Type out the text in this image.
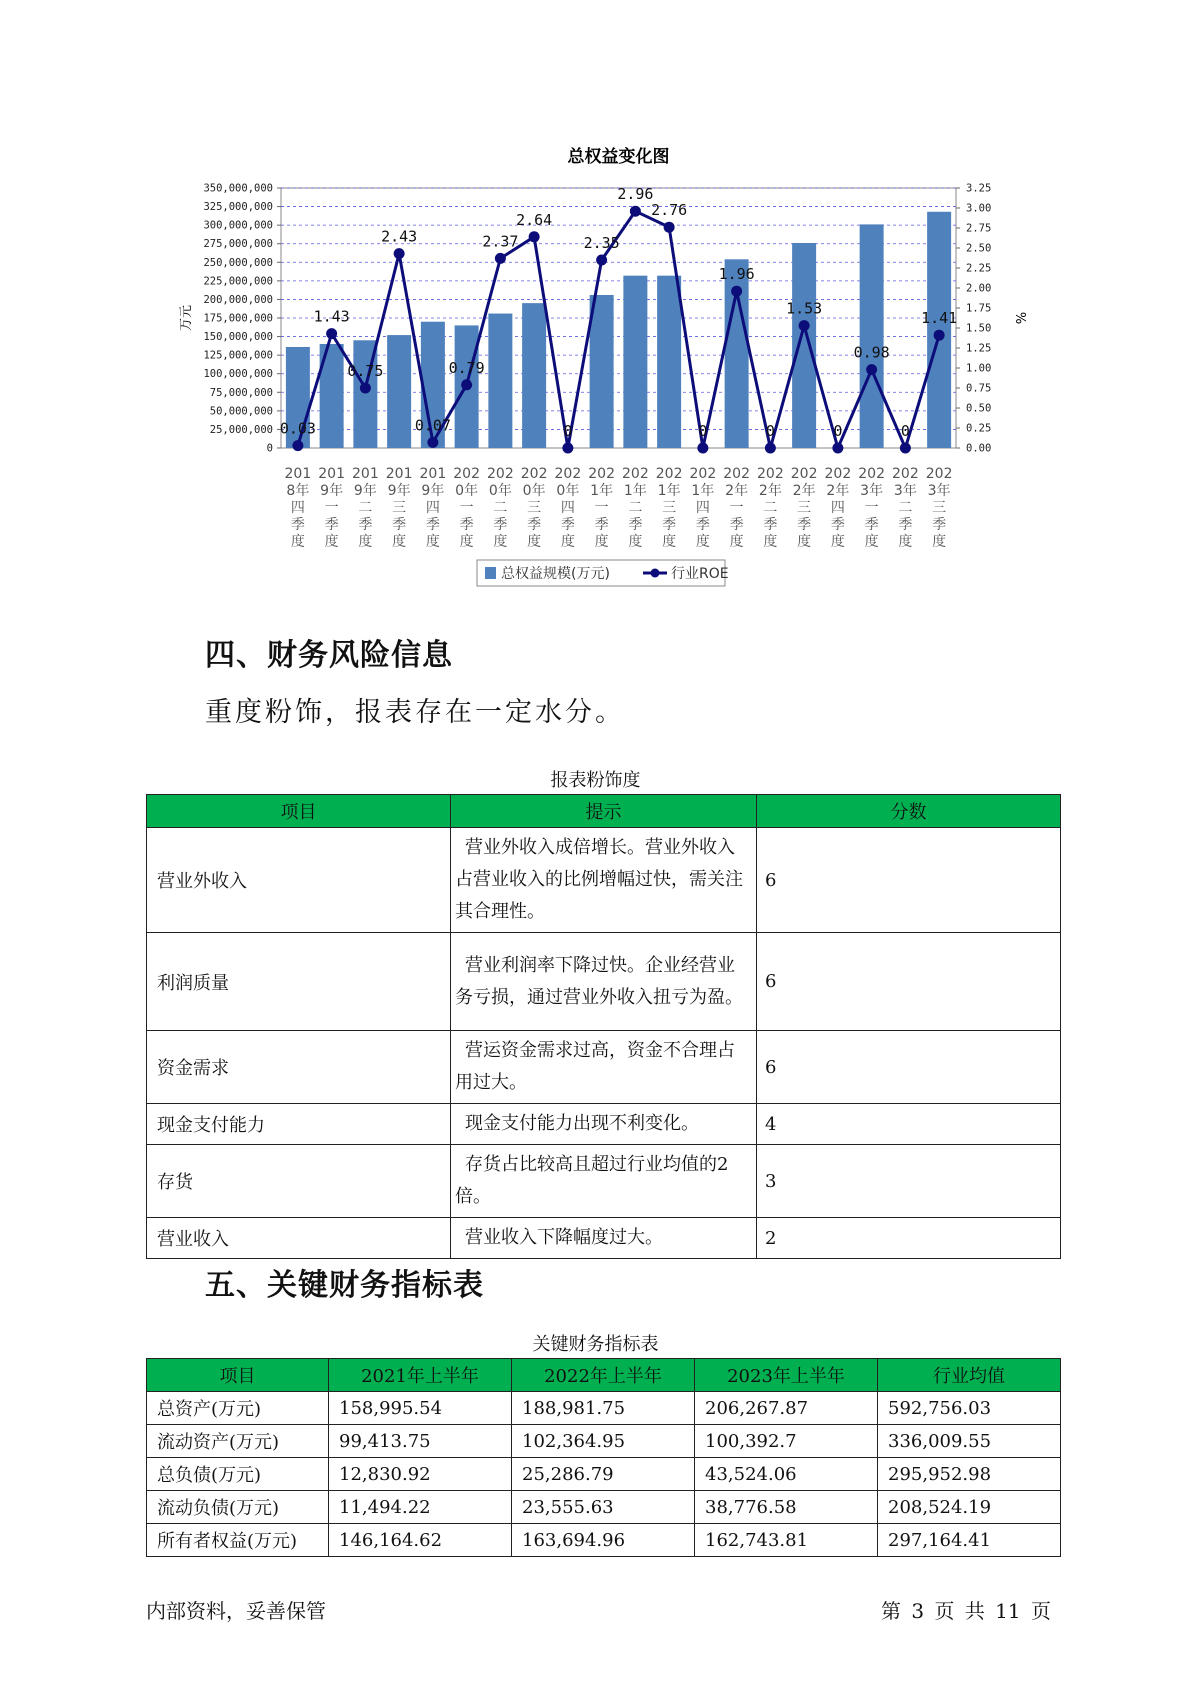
总权益变化图
0
25,000,000
50,000,000
75,000,000
100,000,000
125,000,000
150,000,000
175,000,000
200,000,000
225,000,000
250,000,000
275,000,000
300,000,000
325,000,000
350,000,000
0.00
0.25
0.50
0.75
1.00
1.25
1.50
1.75
2.00
2.25
2.50
2.75
3.00
3.25
万元	%
201
8年
四
季
度
201
9年
一
季
度
201
9年
二
季
度
201
9年
三
季
度
201
9年
四
季
度
202
0年
一
季
度
202
0年
二
季
度
202
0年
三
季
度
202
0年
四
季
度
202
1年
一
季
度
202
1年
二
季
度
202
1年
三
季
度
202
1年
四
季
度
202
2年
一
季
度
202
2年
二
季
度
202
2年
三
季
度
202
2年
四
季
度
202
3年
一
季
度
202
3年
二
季
度
202
3年
三
季
度
0.03
1.43
0.75
2.43
0.07
0.79
2.37
2.64
0
2.35
2.96
2.76
0
1.96
0
1.53
0
0.98
0
1.41
总权益规模(万元)	行业ROE
四、财务风险信息
重度粉饰，报表存在一定水分。
报表粉饰度
项目	提示	分数
营业外收入	营业外收入成倍增长。营业外收入占营业收入的比例增幅过快，需关注其合理性。	6
利润质量	营业利润率下降过快。企业经营业务亏损，通过营业外收入扭亏为盈。	6
资金需求	营运资金需求过高，资金不合理占用过大。	6
现金支付能力	现金支付能力出现不利变化。	4
存货	存货占比较高且超过行业均值的2倍。	3
营业收入	营业收入下降幅度过大。	2
五、关键财务指标表
关键财务指标表
项目	2021年上半年	2022年上半年	2023年上半年	行业均值
总资产(万元)	158,995.54	188,981.75	206,267.87	592,756.03
流动资产(万元)	99,413.75	102,364.95	100,392.7	336,009.55
总负债(万元)	12,830.92	25,286.79	43,524.06	295,952.98
流动负债(万元)	11,494.22	23,555.63	38,776.58	208,524.19
所有者权益(万元)	146,164.62	163,694.96	162,743.81	297,164.41
内部资料，妥善保管	第 3 页 共 11 页
